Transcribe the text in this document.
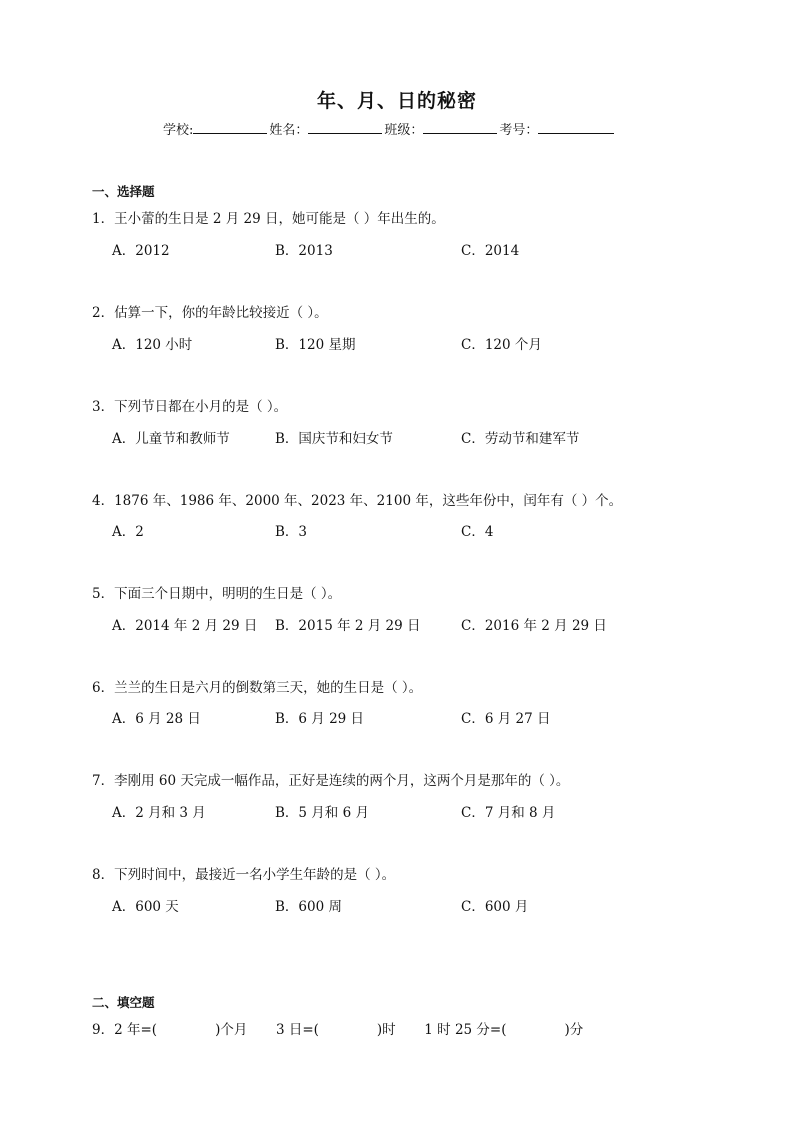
年、月、日的秘密
学校:	姓名：	班级：	考号：
一、选择题
1．王小蕾的生日是 2 月 29 日，她可能是（ ）年出生的。
A．2012	B．2013	C．2014
2．估算一下，你的年龄比较接近（ ）。
A．120 小时	B．120 星期	C．120 个月
3．下列节日都在小月的是（ ）。
A．儿童节和教师节	B．国庆节和妇女节	C．劳动节和建军节
4．1876 年、1986 年、2000 年、2023 年、2100 年，这些年份中，闰年有（ ）个。
A．2	B．3	C．4
5．下面三个日期中，明明的生日是（ ）。
A．2014 年 2 月 29 日 B．2015 年 2 月 29 日	C．2016 年 2 月 29 日
6．兰兰的生日是六月的倒数第三天，她的生日是（ ）。
A．6 月 28 日	B．6 月 29 日	C．6 月 27 日
7．李刚用 60 天完成一幅作品，正好是连续的两个月，这两个月是那年的（ ）。
A．2 月和 3 月	B．5 月和 6 月	C．7 月和 8 月
8．下列时间中，最接近一名小学生年龄的是（ ）。
A．600 天	B．600 周	C．600 月
二、填空题
9．2 年=(	)个月 3 日=(	)时 1 时 25 分=(	)分
